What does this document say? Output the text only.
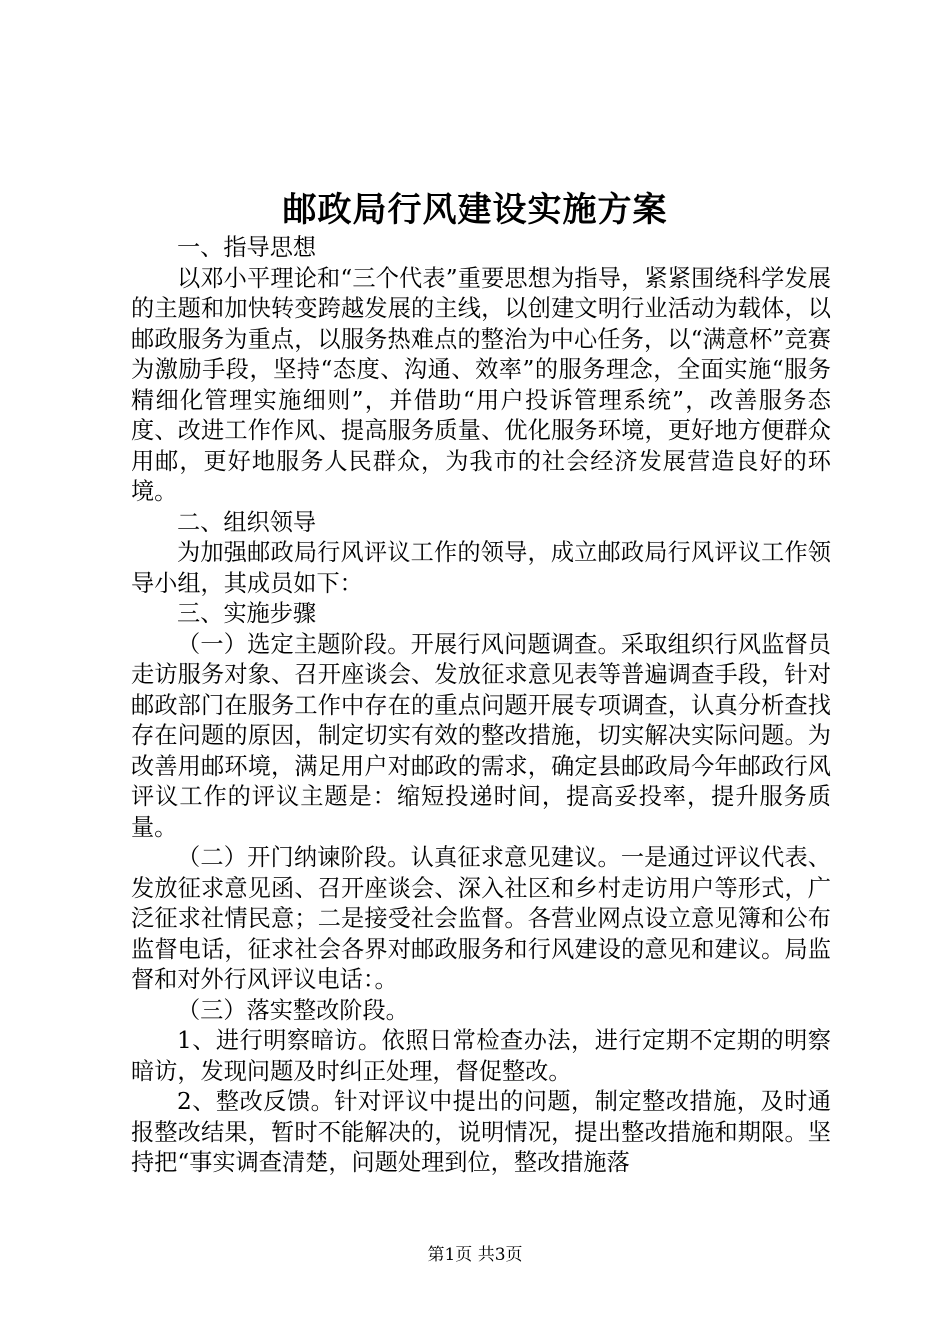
邮政局行风建设实施方案

一、指导思想

以邓小平理论和“三个代表”重要思想为指导，紧紧围绕科学发展的主题和加快转变跨越发展的主线，以创建文明行业活动为载体，以邮政服务为重点，以服务热难点的整治为中心任务，以“满意杯”竞赛为激励手段，坚持“态度、沟通、效率”的服务理念，全面实施“服务精细化管理实施细则”，并借助“用户投诉管理系统”，改善服务态度、改进工作作风、提高服务质量、优化服务环境，更好地方便群众用邮，更好地服务人民群众，为我市的社会经济发展营造良好的环境。

二、组织领导

为加强邮政局行风评议工作的领导，成立邮政局行风评议工作领导小组，其成员如下：

三、实施步骤

（一）选定主题阶段。开展行风问题调查。采取组织行风监督员走访服务对象、召开座谈会、发放征求意见表等普遍调查手段，针对邮政部门在服务工作中存在的重点问题开展专项调查，认真分析查找存在问题的原因，制定切实有效的整改措施，切实解决实际问题。为改善用邮环境，满足用户对邮政的需求，确定县邮政局今年邮政行风评议工作的评议主题是：缩短投递时间，提高妥投率，提升服务质量。

（二）开门纳谏阶段。认真征求意见建议。一是通过评议代表、发放征求意见函、召开座谈会、深入社区和乡村走访用户等形式，广泛征求社情民意；二是接受社会监督。各营业网点设立意见簿和公布监督电话，征求社会各界对邮政服务和行风建设的意见和建议。局监督和对外行风评议电话：。

（三）落实整改阶段。

1、进行明察暗访。依照日常检查办法，进行定期不定期的明察暗访，发现问题及时纠正处理，督促整改。

2、整改反馈。针对评议中提出的问题，制定整改措施，及时通报整改结果，暂时不能解决的，说明情况，提出整改措施和期限。坚持把“事实调查清楚，问题处理到位，整改措施落

第1页 共3页
